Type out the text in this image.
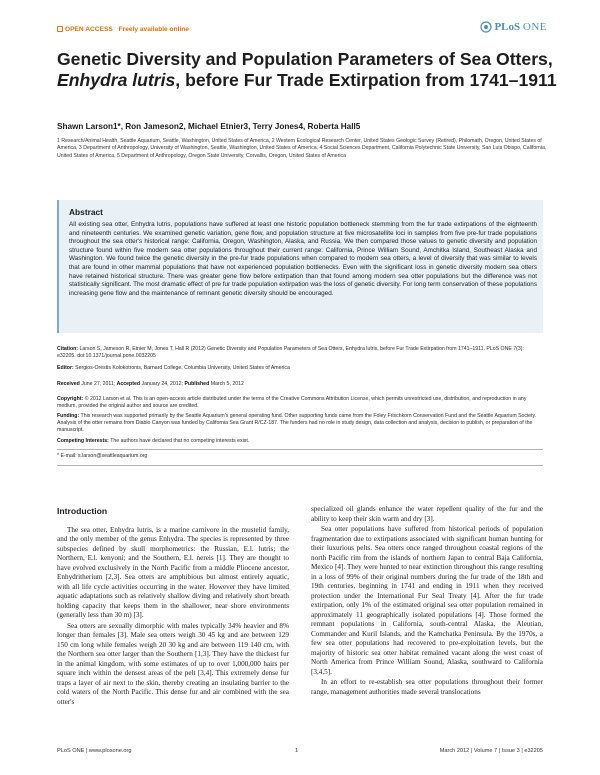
OPEN ACCESS Freely available online	PLoS ONE
Genetic Diversity and Population Parameters of Sea Otters, Enhydra lutris, before Fur Trade Extirpation from 1741–1911
Shawn Larson1*, Ron Jameson2, Michael Etnier3, Terry Jones4, Roberta Hall5
1 Research/Animal Health, Seattle Aquarium, Seattle, Washington, United States of America, 2 Western Ecological Research Center, United States Geologic Survey (Retired), Philomath, Oregon, United States of America, 3 Department of Anthropology, University of Washington, Seattle, Washington, United States of America, 4 Social Sciences Department, California Polytechnic State University, San Luis Obispo, California, United States of America, 5 Department of Anthropology, Oregon State University, Corvallis, Oregon, United States of America
Abstract

All existing sea otter, Enhydra lutris, populations have suffered at least one historic population bottleneck stemming from the fur trade extirpations of the eighteenth and nineteenth centuries. We examined genetic variation, gene flow, and population structure at five microsatellite loci in samples from five pre-fur trade populations throughout the sea otter's historical range: California, Oregon, Washington, Alaska, and Russia. We then compared those values to genetic diversity and population structure found within five modern sea otter populations throughout their current range: California, Prince William Sound, Amchitka Island, Southeast Alaska and Washington. We found twice the genetic diversity in the pre-fur trade populations when compared to modern sea otters, a level of diversity that was similar to levels that are found in other mammal populations that have not experienced population bottlenecks. Even with the significant loss in genetic diversity modern sea otters have retained historical structure. There was greater gene flow before extirpation than that found among modern sea otter populations but the difference was not statistically significant. The most dramatic effect of pre fur trade population extirpation was the loss of genetic diversity. For long term conservation of these populations increasing gene flow and the maintenance of remnant genetic diversity should be encouraged.

Citation: Larson S, Jameson R, Etnier M, Jones T, Hall R (2012) Genetic Diversity and Population Parameters of Sea Otters, Enhydra lutris, before Fur Trade Extirpation from 1741–1911. PLoS ONE 7(3): e32205. doi:10.1371/journal.pone.0032205
Editor: Sergios-Orestis Kolokotronis, Barnard College, Columbia University, United States of America
Received June 27, 2011; Accepted January 24, 2012; Published March 5, 2012
Copyright: © 2012 Larson et al. This is an open-access article distributed under the terms of the Creative Commons Attribution License, which permits unrestricted use, distribution, and reproduction in any medium, provided the original author and source are credited.
Funding: This research was supported primarily by the Seattle Aquarium's general operating fund. Other supporting funds came from the Foley Frischkorn Conservation Fund and the Seattle Aquarium Society. Analysis of the otter remains from Diablo Canyon was funded by California Sea Grant R/CZ-187. The funders had no role in study design, data collection and analysis, decision to publish, or preparation of the manuscript.
Competing Interests: The authors have declared that no competing interests exist.
* E-mail: s.larson@seattleaquarium.org
Introduction

The sea otter, Enhydra lutris, is a marine carnivore in the mustelid family, and the only member of the genus Enhydra. The species is represented by three subspecies defined by skull morphometrics: the Russian, E.l. lutris; the Northern, E.l. kenyoni; and the Southern, E.l. nereis [1]. They are thought to have evolved exclusively in the North Pacific from a middle Pliocene ancestor, Enhydritherium [2,3]. Sea otters are amphibious but almost entirely aquatic, with all life cycle activities occurring in the water. However they have limited aquatic adaptations such as relatively shallow diving and relatively short breath holding capacity that keeps them in the shallower, near shore environments (generally less than 30 m) [3].

Sea otters are sexually dimorphic with males typically 34% heavier and 8% longer than females [3]. Male sea otters weigh 30 45 kg and are between 129 150 cm long while females weigh 20 30 kg and are between 119 140 cm, with the Northern sea otter larger than the Southern [1,3]. They have the thickest fur in the animal kingdom, with some estimates of up to over 1,000,000 hairs per square inch within the densest areas of the pelt [3,4]. This extremely dense fur traps a layer of air next to the skin, thereby creating an insulating barrier to the cold waters of the North Pacific. This dense fur and air combined with the sea otter's

specialized oil glands enhance the water repellent quality of the fur and the ability to keep their skin warm and dry [3].

Sea otter populations have suffered from historical periods of population fragmentation due to extirpations associated with significant human hunting for their luxurious pelts. Sea otters once ranged throughout coastal regions of the north Pacific rim from the islands of northern Japan to central Baja California, Mexico [4]. They were hunted to near extinction throughout this range resulting in a loss of 99% of their original numbers during the fur trade of the 18th and 19th centuries, beginning in 1741 and ending in 1911 when they received protection under the International Fur Seal Treaty [4]. After the fur trade extirpation, only 1% of the estimated original sea otter population remained in approximately 11 geographically isolated populations [4]. Those formed the remnant populations in California, south-central Alaska, the Aleutian, Commander and Kuril Islands, and the Kamchatka Peninsula. By the 1970s, a few sea otter populations had recovered to pre-exploitation levels, but the majority of historic sea otter habitat remained vacant along the west coast of North America from Prince William Sound, Alaska, southward to California [3,4,5].

In an effort to re-establish sea otter populations throughout their former range, management authorities made several translocations

PLoS ONE | www.plosone.org	1	March 2012 | Volume 7 | Issue 3 | e32205
